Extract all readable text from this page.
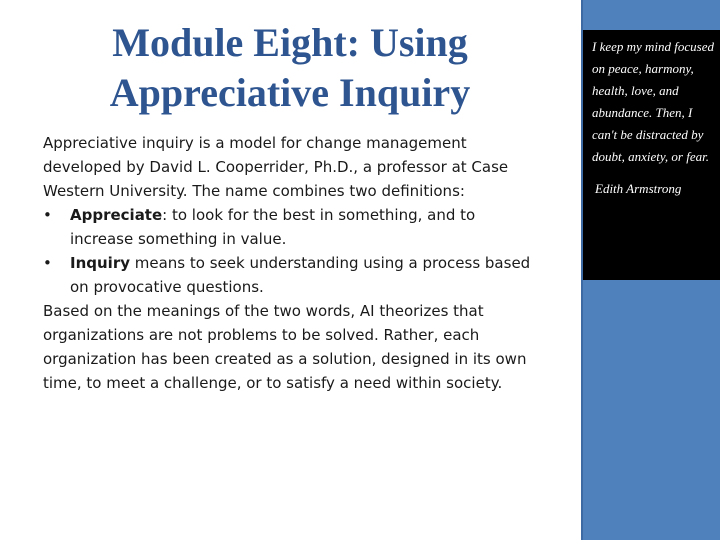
Module Eight: Using
Appreciative Inquiry

Appreciative inquiry is a model for change management developed by David L. Cooperrider, Ph.D., a professor at Case Western University. The name combines two definitions:

•	Appreciate: to look for the best in something, and to increase something in value.
•	Inquiry means to seek understanding using a process based on provocative questions.

Based on the meanings of the two words, AI theorizes that organizations are not problems to be solved. Rather, each organization has been created as a solution, designed in its own time, to meet a challenge, or to satisfy a need within society.

I keep my mind focused on peace, harmony, health, love, and abundance. Then, I can't be distracted by doubt, anxiety, or fear.

Edith Armstrong
